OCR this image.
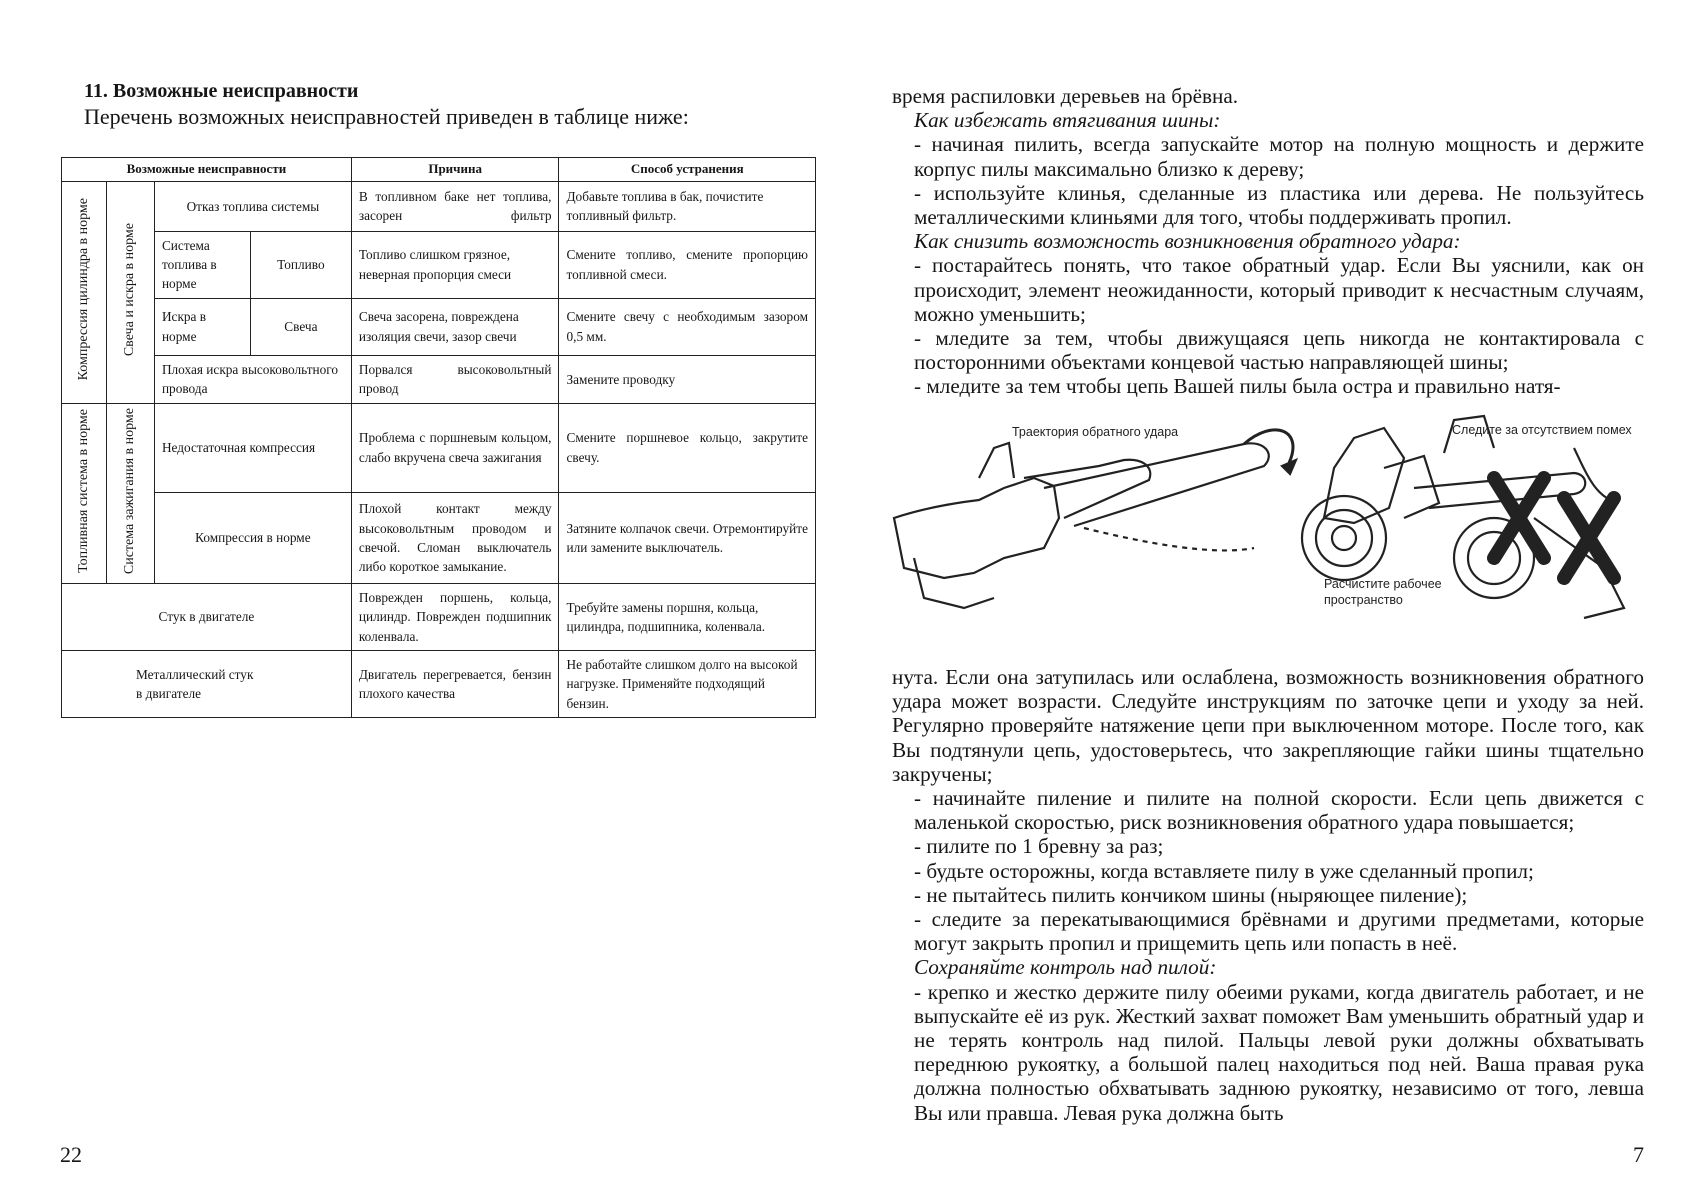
11. Возможные неисправности

Перечень возможных неисправностей приведен в таблице ниже:

Возможные неисправности				Причина	Способ устранения
Компрессия цилиндра в норме	Свеча и искра в норме	Отказ топлива системы		В топливном баке нет топлива, засорен фильтр	Добавьте топлива в бак, почистите топливный фильтр.
		Система топлива в норме	Топливо	Топливо слишком грязное, неверная пропорция смеси	Смените топливо, смените пропорцию топливной смеси.
		Искра в норме	Свеча	Свеча засорена, повреждена изоляция свечи, зазор свечи	Смените свечу с необходимым зазором 0,5 мм.
		Плохая искра высоковольтного провода		Порвался высоковольтный провод	Замените проводку
Топливная система в норме	Система зажигания в норме	Недостаточная компрессия		Проблема с поршневым кольцом, слабо вкручена свеча зажигания	Смените поршневое кольцо, закрутите свечу.
		Компрессия в норме		Плохой контакт между высоковольтным проводом и свечой. Сломан выключатель либо короткое замыкание.	Затяните колпачок свечи. Отремонтируйте или замените выключатель.
Стук в двигателе				Поврежден поршень, кольца, цилиндр. Поврежден подшипник коленвала.	Требуйте замены поршня, кольца, цилиндра, подшипника, коленвала.
Металлический стук в двигателе				Двигатель перегревается, бензин плохого качества	Не работайте слишком долго на высокой нагрузке. Применяйте подходящий бензин.
22

время распиловки деревьев на брёвна.

Как избежать втягивания шины:

- начиная пилить, всегда запускайте мотор на полную мощность и держите корпус пилы максимально близко к дереву;

- используйте клинья, сделанные из пластика или дерева. Не пользуйтесь металлическими клиньями для того, чтобы поддерживать пропил.

Как снизить возможность возникновения обратного удара:

- постарайтесь понять, что такое обратный удар. Если Вы уяснили, как он происходит, элемент неожиданности, который приводит к несчастным случаям, можно уменьшить;

- мледите за тем, чтобы движущаяся цепь никогда не контактировала с посторонними объектами концевой частью направляющей шины;

- мледите за тем чтобы цепь Вашей пилы была остра и правильно натя-

Траектория обратного удара	Следите за отсутствием помех
Расчистите рабочее пространство

нута. Если она затупилась или ослаблена, возможность возникновения обратного удара может возрасти. Следуйте инструкциям по заточке цепи и уходу за ней. Регулярно проверяйте натяжение цепи при выключенном моторе. После того, как Вы подтянули цепь, удостоверьтесь, что закрепляющие гайки шины тщательно закручены;

- начинайте пиление и пилите на полной скорости. Если цепь движется с маленькой скоростью, риск возникновения обратного удара повышается;

- пилите по 1 бревну за раз;

- будьте осторожны, когда вставляете пилу в уже сделанный пропил;

- не пытайтесь пилить кончиком шины (ныряющее пиление);

- следите за перекатывающимися брёвнами и другими предметами, которые могут закрыть пропил и прищемить цепь или попасть в неё.

Сохраняйте контроль над пилой:

- крепко и жестко держите пилу обеими руками, когда двигатель работает, и не выпускайте её из рук. Жесткий захват поможет Вам уменьшить обратный удар и не терять контроль над пилой. Пальцы левой руки должны обхватывать переднюю рукоятку, а большой палец находиться под ней. Ваша правая рука должна полностью обхватывать заднюю рукоятку, независимо от того, левша Вы или правша. Левая рука должна быть

7
